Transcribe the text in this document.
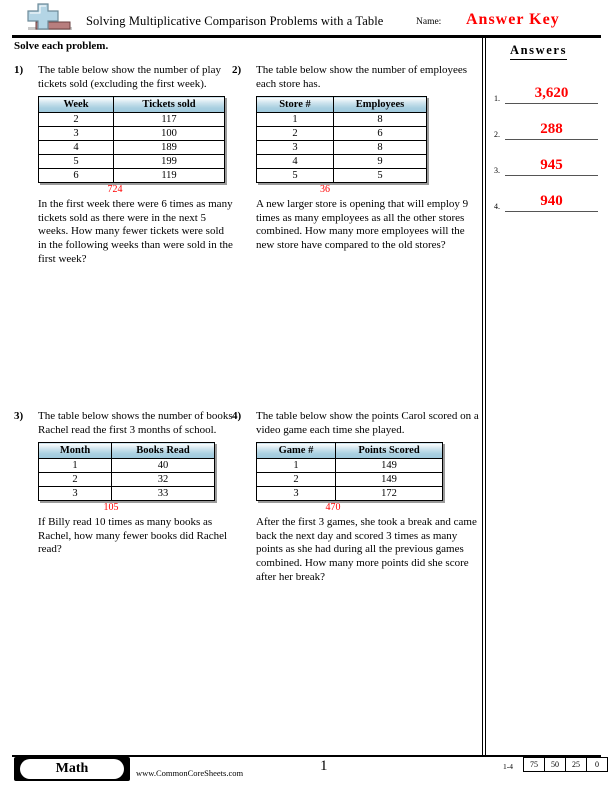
Solving Multiplicative Comparison Problems with a Table	Name: Answer Key
Solve each problem.	Answers
1.	3,620
2.	288
3.	945
4.	940
1)	The table below show the number of play tickets sold (excluding the first week).
Week	Tickets sold
2	117
3	100
4	189
5	199
6	119
724
In the first week there were 6 times as many tickets sold as there were in the next 5 weeks. How many fewer tickets were sold in the following weeks than were sold in the first week?
2)	The table below show the number of employees each store has.
Store #	Employees
1	8
2	6
3	8
4	9
5	5
36
A new larger store is opening that will employ 9 times as many employees as all the other stores combined. How many more employees will the new store have compared to the old stores?
3)	The table below shows the number of books Rachel read the first 3 months of school.
Month	Books Read
1	40
2	32
3	33
105
If Billy read 10 times as many books as Rachel, how many fewer books did Rachel read?
4)	The table below show the points Carol scored on a video game each time she played.
Game #	Points Scored
1	149
2	149
3	172
470
After the first 3 games, she took a break and came back the next day and scored 3 times as many points as she had during all the previous games combined. How many more points did she score after her break?
Math	www.CommonCoreSheets.com	1	1-4	75	50	25	0
